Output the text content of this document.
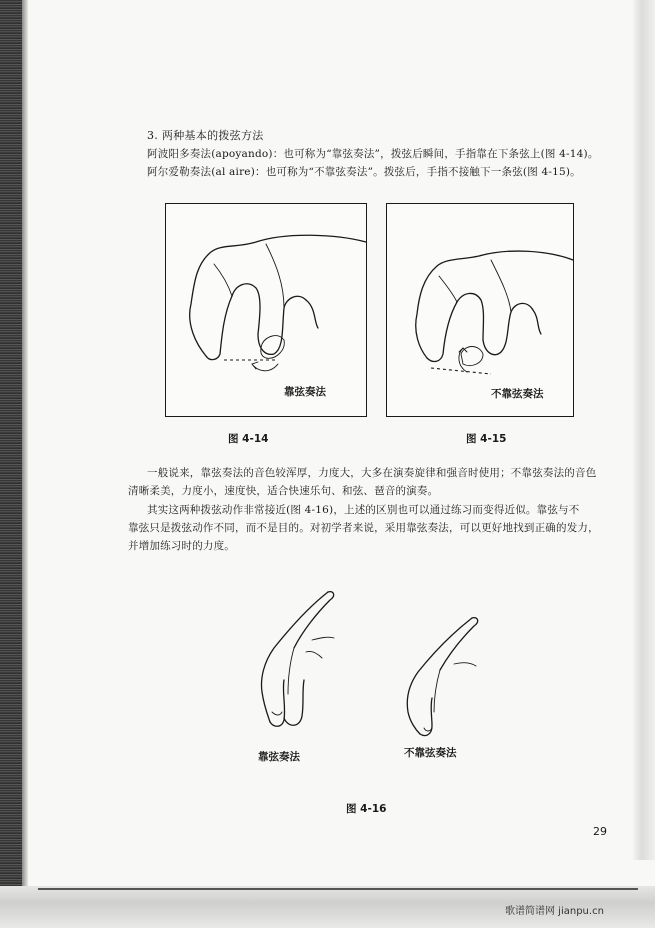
3. 两种基本的拨弦方法
阿波阳多奏法(apoyando)：也可称为“靠弦奏法”，拨弦后瞬间，手指靠在下条弦上(图 4-14)。
阿尔爱勒奏法(al aire)：也可称为“不靠弦奏法”。拨弦后，手指不接触下一条弦(图 4-15)。
靠弦奏法
图 4-14
不靠弦奏法
图 4-15
一般说来，靠弦奏法的音色较浑厚，力度大，大多在演奏旋律和强音时使用；不靠弦奏法的音色
清晰柔美，力度小，速度快，适合快速乐句、和弦、琶音的演奏。
其实这两种拨弦动作非常接近(图 4-16)，上述的区别也可以通过练习而变得近似。靠弦与不
靠弦只是拨弦动作不同，而不是目的。对初学者来说，采用靠弦奏法，可以更好地找到正确的发力，
并增加练习时的力度。
靠弦奏法	不靠弦奏法
图 4-16
29
歌谱简谱网 jianpu.cn
